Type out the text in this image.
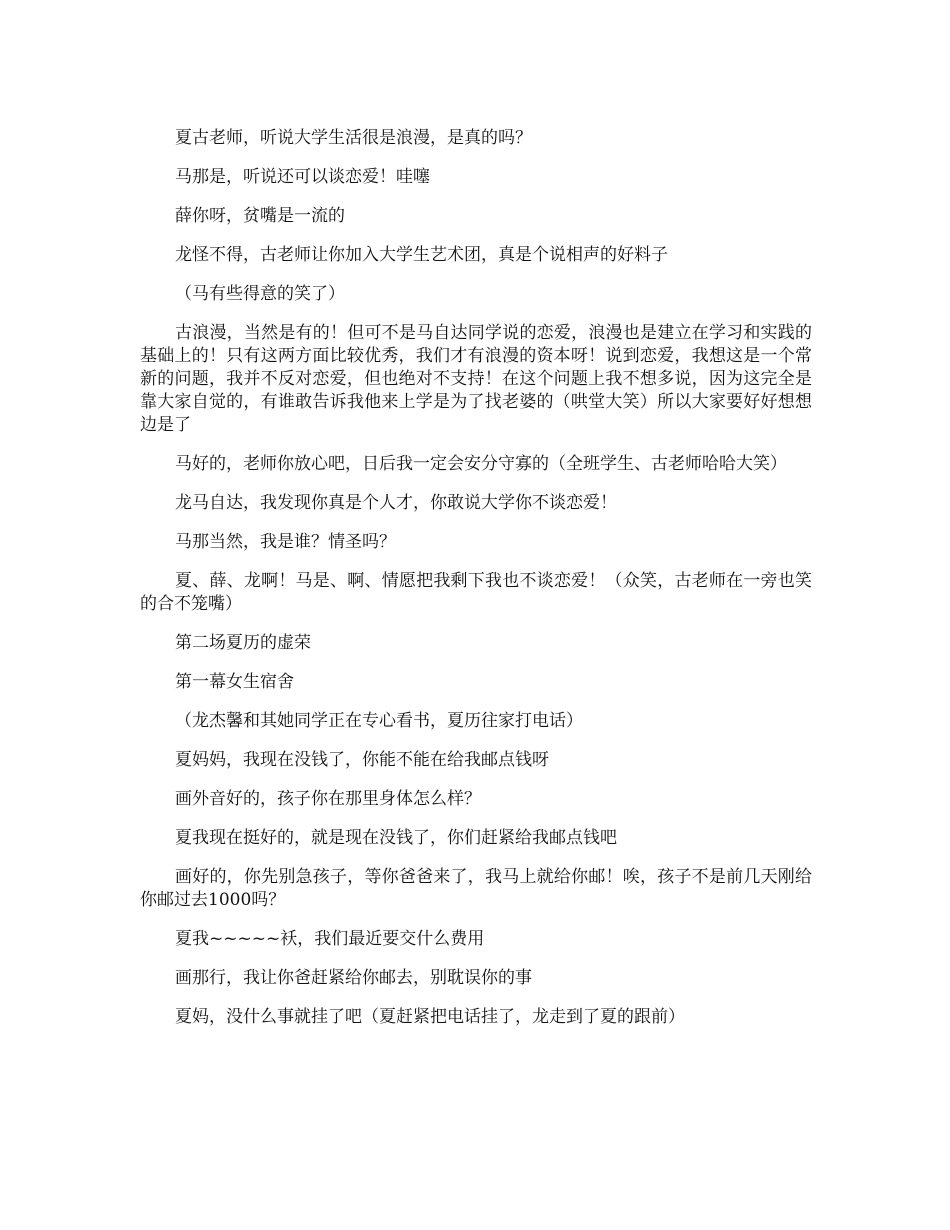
夏古老师，听说大学生活很是浪漫，是真的吗？

马那是，听说还可以谈恋爱！哇噻

薛你呀，贫嘴是一流的

龙怪不得，古老师让你加入大学生艺术团，真是个说相声的好料子

（马有些得意的笑了）

古浪漫，当然是有的！但可不是马自达同学说的恋爱，浪漫也是建立在学习和实践的基础上的！只有这两方面比较优秀，我们才有浪漫的资本呀！说到恋爱，我想这是一个常新的问题，我并不反对恋爱，但也绝对不支持！在这个问题上我不想多说，因为这完全是靠大家自觉的，有谁敢告诉我他来上学是为了找老婆的（哄堂大笑）所以大家要好好想想边是了

马好的，老师你放心吧，日后我一定会安分守寡的（全班学生、古老师哈哈大笑）

龙马自达，我发现你真是个人才，你敢说大学你不谈恋爱！

马那当然，我是谁？情圣吗？

夏、薛、龙啊！马是、啊、情愿把我剩下我也不谈恋爱！（众笑，古老师在一旁也笑的合不笼嘴）

第二场夏历的虚荣

第一幕女生宿舍

（龙杰馨和其她同学正在专心看书，夏历往家打电话）

夏妈妈，我现在没钱了，你能不能在给我邮点钱呀

画外音好的，孩子你在那里身体怎么样？

夏我现在挺好的，就是现在没钱了，你们赶紧给我邮点钱吧

画好的，你先别急孩子，等你爸爸来了，我马上就给你邮！唉，孩子不是前几天刚给你邮过去1000吗？

夏我~~~~~袄，我们最近要交什么费用

画那行，我让你爸赶紧给你邮去，别耽误你的事

夏妈，没什么事就挂了吧（夏赶紧把电话挂了，龙走到了夏的跟前）
